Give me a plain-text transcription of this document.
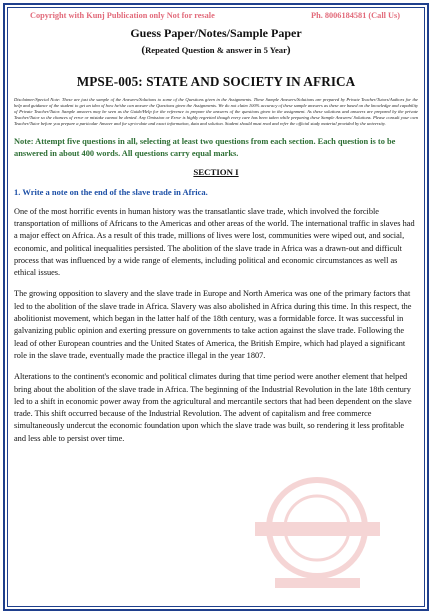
Copyright with Kunj Publication only Not for resale	Ph. 8006184581 (Call Us)
Guess Paper/Notes/Sample Paper
(Repeated Question & answer in 5 Year)
MPSE-005: STATE AND SOCIETY IN AFRICA
Disclaimer/Special Note: These are just the sample of the Answers/Solutions to some of the Questions given in the Assignments. These Sample Answers/Solutions are prepared by Private Teacher/Tutors/Authors for the help and guidance of the student to get an idea of how he/she can answer the Questions given the Assignments. We do not claim 100% accuracy of these sample answers as these are based on the knowledge and capability of Private Teacher/Tutor. Sample answers may be seen as the Guide/Help for the reference to prepare the answers of the questions given in the assignment. As these solutions and answers are prepared by the private Teacher/Tutor so the chances of error or mistake cannot be denied. Any Omission or Error is highly regretted though every care has been taken while preparing these Sample Answers/ Solutions. Please consult your own Teacher/Tutor before you prepare a particular Answer and for up-to-date and exact information, data and solution. Student should must read and refer the official study material provided by the university.
Note: Attempt five questions in all, selecting at least two questions from each section. Each question is to be answered in about 400 words. All questions carry equal marks.
SECTION I
1. Write a note on the end of the slave trade in Africa.

One of the most horrific events in human history was the transatlantic slave trade, which involved the forcible transportation of millions of Africans to the Americas and other areas of the world. The international traffic in slaves had a major effect on Africa. As a result of this trade, millions of lives were lost, communities were wiped out, and social, economic, and political inequalities persisted. The abolition of the slave trade in Africa was a drawn-out and difficult process that was influenced by a wide range of elements, including political and economic circumstances as well as ethical issues.

The growing opposition to slavery and the slave trade in Europe and North America was one of the primary factors that led to the abolition of the slave trade in Africa. Slavery was also abolished in Africa during this time. In this respect, the abolitionist movement, which began in the latter half of the 18th century, was a formidable force. It was successful in galvanizing public opinion and exerting pressure on governments to take action against the slave trade. Following the lead of other European countries and the United States of America, the British Empire, which had played a significant role in the slave trade, eventually made the practice illegal in the year 1807.

Alterations to the continent's economic and political climates during that time period were another element that helped bring about the abolition of the slave trade in Africa. The beginning of the Industrial Revolution in the late 18th century led to a shift in economic power away from the agricultural and mercantile sectors that had been dependent on the slave trade. This shift occurred because of the Industrial Revolution. The advent of capitalism and free commerce simultaneously undercut the economic foundation upon which the slave trade was built, so rendering it less profitable and less able to persist over time.
